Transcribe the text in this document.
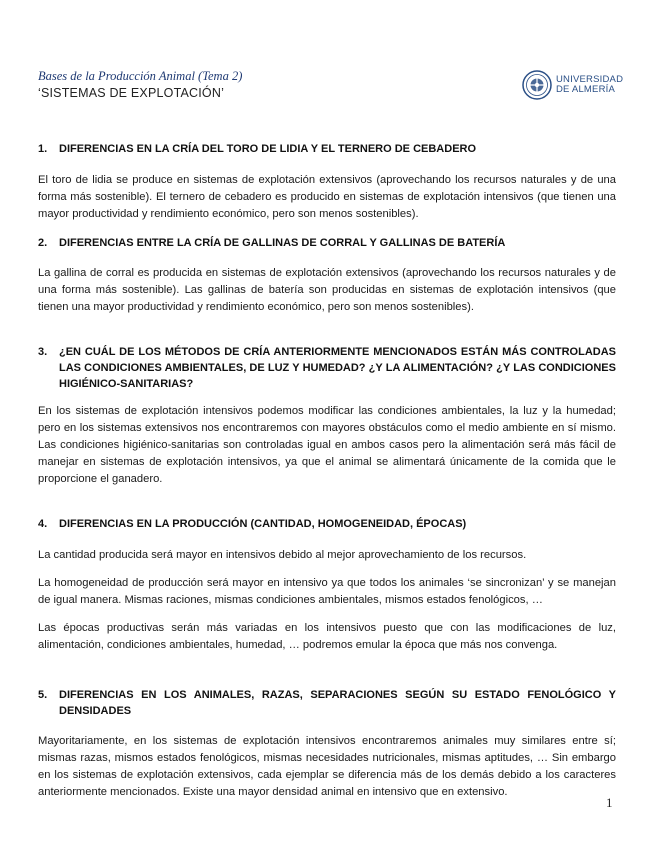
Bases de la Producción Animal (Tema 2)
‘SISTEMAS DE EXPLOTACIÓN’
UNIVERSIDAD
DE ALMERÍA
1.	DIFERENCIAS EN LA CRÍA DEL TORO DE LIDIA Y EL TERNERO DE CEBADERO

El toro de lidia se produce en sistemas de explotación extensivos (aprovechando los recursos naturales y de una forma más sostenible). El ternero de cebadero es producido en sistemas de explotación intensivos (que tienen una mayor productividad y rendimiento económico, pero son menos sostenibles).

2.	DIFERENCIAS ENTRE LA CRÍA DE GALLINAS DE CORRAL Y GALLINAS DE BATERÍA

La gallina de corral es producida en sistemas de explotación extensivos (aprovechando los recursos naturales y de una forma más sostenible). Las gallinas de batería son producidas en sistemas de explotación intensivos (que tienen una mayor productividad y rendimiento económico, pero son menos sostenibles).

3.	¿EN CUÁL DE LOS MÉTODOS DE CRÍA ANTERIORMENTE MENCIONADOS ESTÁN MÁS CONTROLADAS LAS CONDICIONES AMBIENTALES, DE LUZ Y HUMEDAD? ¿Y LA ALIMENTACIÓN? ¿Y LAS CONDICIONES HIGIÉNICO-SANITARIAS?

En los sistemas de explotación intensivos podemos modificar las condiciones ambientales, la luz y la humedad; pero en los sistemas extensivos nos encontraremos con mayores obstáculos como el medio ambiente en sí mismo. Las condiciones higiénico-sanitarias son controladas igual en ambos casos pero la alimentación será más fácil de manejar en sistemas de explotación intensivos, ya que el animal se alimentará únicamente de la comida que le proporcione el ganadero.

4.	DIFERENCIAS EN LA PRODUCCIÓN (CANTIDAD, HOMOGENEIDAD, ÉPOCAS)

La cantidad producida será mayor en intensivos debido al mejor aprovechamiento de los recursos.

La homogeneidad de producción será mayor en intensivo ya que todos los animales ‘se sincronizan’ y se manejan de igual manera. Mismas raciones, mismas condiciones ambientales, mismos estados fenológicos, …

Las épocas productivas serán más variadas en los intensivos puesto que con las modificaciones de luz, alimentación, condiciones ambientales, humedad, … podremos emular la época que más nos convenga.

5.	DIFERENCIAS EN LOS ANIMALES, RAZAS, SEPARACIONES SEGÚN SU ESTADO FENOLÓGICO Y DENSIDADES

Mayoritariamente, en los sistemas de explotación intensivos encontraremos animales muy similares entre sí; mismas razas, mismos estados fenológicos, mismas necesidades nutricionales, mismas aptitudes, … Sin embargo en los sistemas de explotación extensivos, cada ejemplar se diferencia más de los demás debido a los caracteres anteriormente mencionados. Existe una mayor densidad animal en intensivo que en extensivo.

1
